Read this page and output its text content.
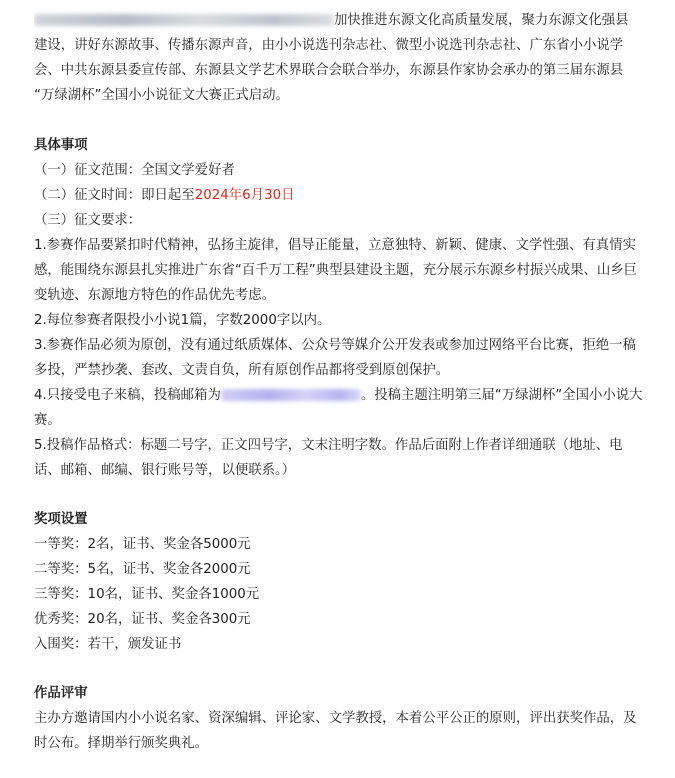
加快推进东源文化高质量发展，聚力东源文化强县
建设，讲好东源故事、传播东源声音，由小小说选刊杂志社、微型小说选刊杂志社、广东省小小说学
会、中共东源县委宣传部、东源县文学艺术界联合会联合举办，东源县作家协会承办的第三届东源县
“万绿湖杯”全国小小说征文大赛正式启动。
具体事项
（一）征文范围：全国文学爱好者
（二）征文时间：即日起至2024年6月30日
（三）征文要求：
1.参赛作品要紧扣时代精神，弘扬主旋律，倡导正能量，立意独特、新颖、健康、文学性强、有真情实
感，能围绕东源县扎实推进广东省“百千万工程”典型县建设主题，充分展示东源乡村振兴成果、山乡巨
变轨迹、东源地方特色的作品优先考虑。
2.每位参赛者限投小小说1篇，字数2000字以内。
3.参赛作品必须为原创，没有通过纸质媒体、公众号等媒介公开发表或参加过网络平台比赛，拒绝一稿
多投，严禁抄袭、套改、文责自负，所有原创作品都将受到原创保护。
4.只接受电子来稿，投稿邮箱为	。投稿主题注明第三届“万绿湖杯”全国小小说大
赛。
5.投稿作品格式：标题二号字，正文四号字，文末注明字数。作品后面附上作者详细通联（地址、电
话、邮箱、邮编、银行账号等，以便联系。）
奖项设置
一等奖：2名，证书、奖金各5000元
二等奖：5名，证书、奖金各2000元
三等奖：10名，证书、奖金各1000元
优秀奖：20名，证书、奖金各300元
入围奖：若干，颁发证书
作品评审
主办方邀请国内小小说名家、资深编辑、评论家、文学教授，本着公平公正的原则，评出获奖作品，及
时公布。择期举行颁奖典礼。
